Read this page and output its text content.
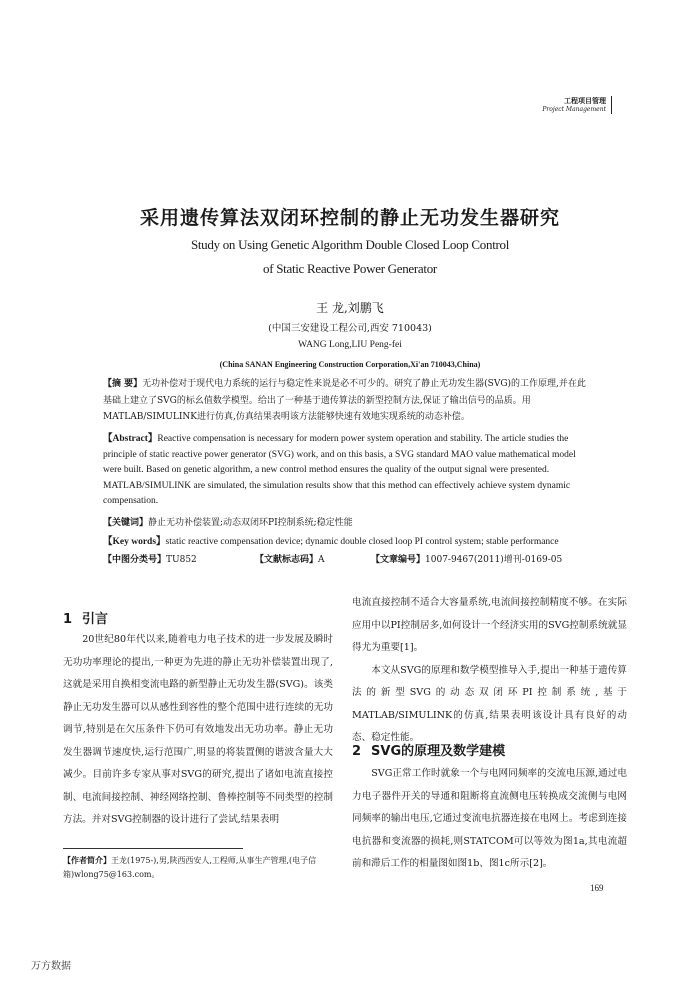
工程项目管理
Project Management
采用遗传算法双闭环控制的静止无功发生器研究
Study on Using Genetic Algorithm Double Closed Loop Control
of Static Reactive Power Generator
王 龙,刘鹏飞
(中国三安建设工程公司,西安 710043)
WANG Long,LIU Peng-fei
(China SANAN Engineering Construction Corporation,Xi'an 710043,China)
【摘 要】无功补偿对于现代电力系统的运行与稳定性来说是必不可少的。研究了静止无功发生器(SVG)的工作原理,并在此基础上建立了SVG的标幺值数学模型。给出了一种基于遗传算法的新型控制方法,保证了输出信号的品质。用MATLAB/SIMULINK进行仿真,仿真结果表明该方法能够快速有效地实现系统的动态补偿。
【Abstract】Reactive compensation is necessary for modern power system operation and stability. The article studies the principle of static reactive power generator (SVG) work, and on this basis, a SVG standard MAO value mathematical model were built. Based on genetic algorithm, a new control method ensures the quality of the output signal were presented. MATLAB/SIMULINK are simulated, the simulation results show that this method can effectively achieve system dynamic compensation.
【关键词】静止无功补偿装置;动态双闭环PI控制系统;稳定性能
【Key words】static reactive compensation device; dynamic double closed loop PI control system; stable performance
【中图分类号】TU852	【文献标志码】A	【文章编号】1007-9467(2011)增刊-0169-05
1 引言

20世纪80年代以来,随着电力电子技术的进一步发展及瞬时无功功率理论的提出,一种更为先进的静止无功补偿装置出现了,这就是采用自换相变流电路的新型静止无功发生器(SVG)。该类静止无功发生器可以从感性到容性的整个范围中进行连续的无功调节,特别是在欠压条件下仍可有效地发出无功功率。静止无功发生器调节速度快,运行范围广,明显的将装置侧的谐波含量大大减少。目前许多专家从事对SVG的研究,提出了诸如电流直接控制、电流间接控制、神经网络控制、鲁棒控制等不同类型的控制方法。并对SVG控制器的设计进行了尝试,结果表明

【作者简介】王龙(1975-),男,陕西西安人,工程师,从事生产管理,(电子信箱)wlong75@163.com。

电流直接控制不适合大容量系统,电流间接控制精度不够。在实际应用中以PI控制居多,如何设计一个经济实用的SVG控制系统就显得尤为重要[1]。

本文从SVG的原理和数学模型推导入手,提出一种基于遗传算法的新型SVG的动态双闭环PI控制系统,基于MATLAB/SIMULINK的仿真,结果表明该设计具有良好的动态、稳定性能。

2 SVG的原理及数学建模

SVG正常工作时就象一个与电网同频率的交流电压源,通过电力电子器件开关的导通和阻断将直流侧电压转换成交流侧与电网同频率的输出电压,它通过变流电抗器连接在电网上。考虑到连接电抗器和变流器的损耗,则STATCOM可以等效为图1a,其电流超前和滞后工作的相量图如图1b、图1c所示[2]。

169
万方数据
